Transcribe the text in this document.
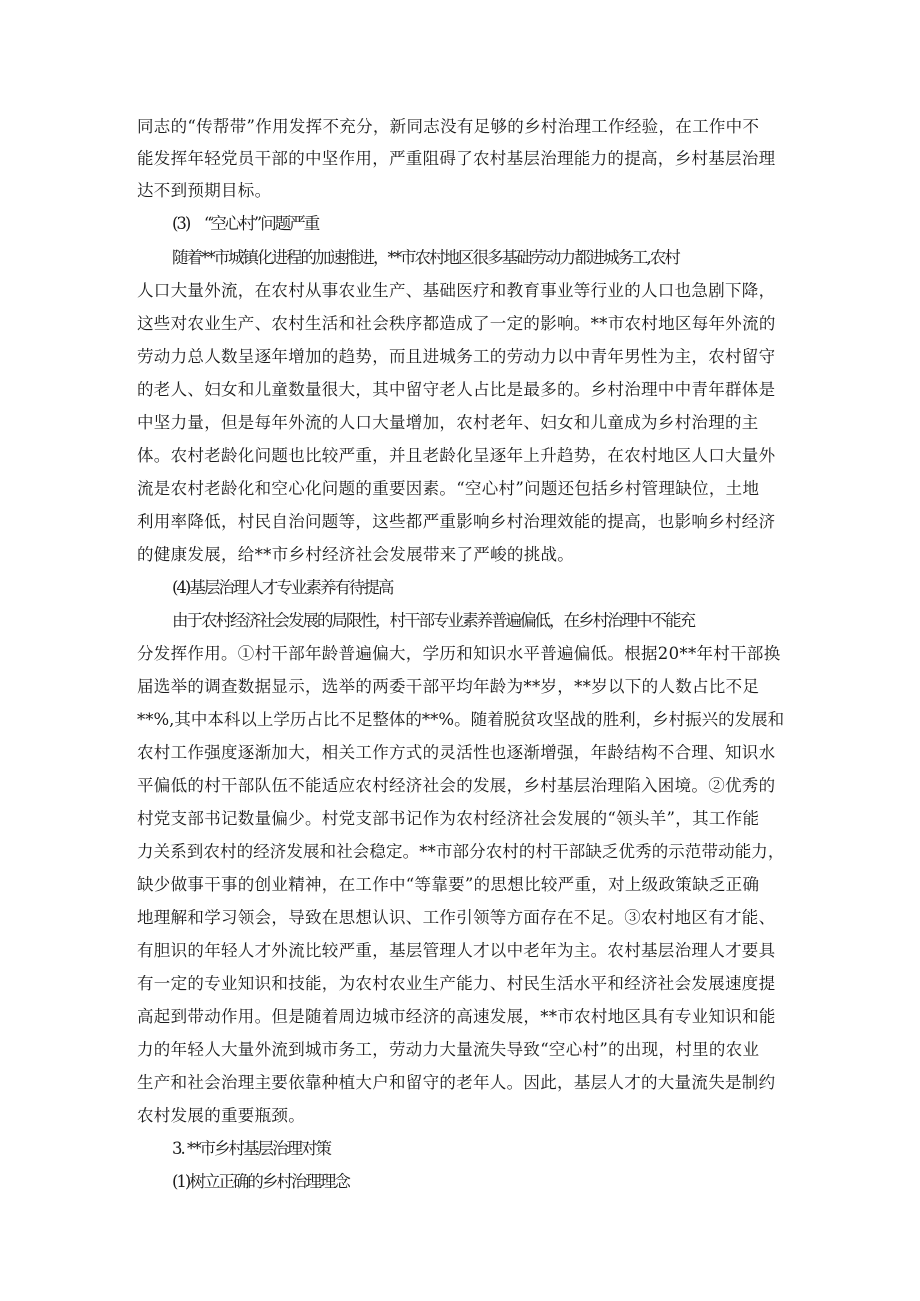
同志的“传帮带”作用发挥不充分，新同志没有足够的乡村治理工作经验，在工作中不
能发挥年轻党员干部的中坚作用，严重阻碍了农村基层治理能力的提高，乡村基层治理
达不到预期目标。
(3)　“空心村”问题严重
随着**市城镇化进程的加速推进，**市农村地区很多基础劳动力都进城务工,农村
人口大量外流，在农村从事农业生产、基础医疗和教育事业等行业的人口也急剧下降，
这些对农业生产、农村生活和社会秩序都造成了一定的影响。**市农村地区每年外流的
劳动力总人数呈逐年增加的趋势，而且进城务工的劳动力以中青年男性为主，农村留守
的老人、妇女和儿童数量很大，其中留守老人占比是最多的。乡村治理中中青年群体是
中坚力量，但是每年外流的人口大量增加，农村老年、妇女和儿童成为乡村治理的主
体。农村老龄化问题也比较严重，并且老龄化呈逐年上升趋势，在农村地区人口大量外
流是农村老龄化和空心化问题的重要因素。“空心村”问题还包括乡村管理缺位，土地
利用率降低，村民自治问题等，这些都严重影响乡村治理效能的提高，也影响乡村经济
的健康发展，给**市乡村经济社会发展带来了严峻的挑战。
(4)基层治理人才专业素养有待提高
由于农村经济社会发展的局限性，村干部专业素养普遍偏低，在乡村治理中不能充
分发挥作用。①村干部年龄普遍偏大，学历和知识水平普遍偏低。根据20**年村干部换
届选举的调查数据显示，选举的两委干部平均年龄为**岁，**岁以下的人数占比不足
**%,其中本科以上学历占比不足整体的**%。随着脱贫攻坚战的胜利，乡村振兴的发展和
农村工作强度逐渐加大，相关工作方式的灵活性也逐渐增强，年龄结构不合理、知识水
平偏低的村干部队伍不能适应农村经济社会的发展，乡村基层治理陷入困境。②优秀的
村党支部书记数量偏少。村党支部书记作为农村经济社会发展的“领头羊”，其工作能
力关系到农村的经济发展和社会稳定。**市部分农村的村干部缺乏优秀的示范带动能力，
缺少做事干事的创业精神，在工作中“等靠要”的思想比较严重，对上级政策缺乏正确
地理解和学习领会，导致在思想认识、工作引领等方面存在不足。③农村地区有才能、
有胆识的年轻人才外流比较严重，基层管理人才以中老年为主。农村基层治理人才要具
有一定的专业知识和技能，为农村农业生产能力、村民生活水平和经济社会发展速度提
高起到带动作用。但是随着周边城市经济的高速发展，**市农村地区具有专业知识和能
力的年轻人大量外流到城市务工，劳动力大量流失导致“空心村”的出现，村里的农业
生产和社会治理主要依靠种植大户和留守的老年人。因此，基层人才的大量流失是制约
农村发展的重要瓶颈。
3. **市乡村基层治理对策
(1)树立正确的乡村治理理念
